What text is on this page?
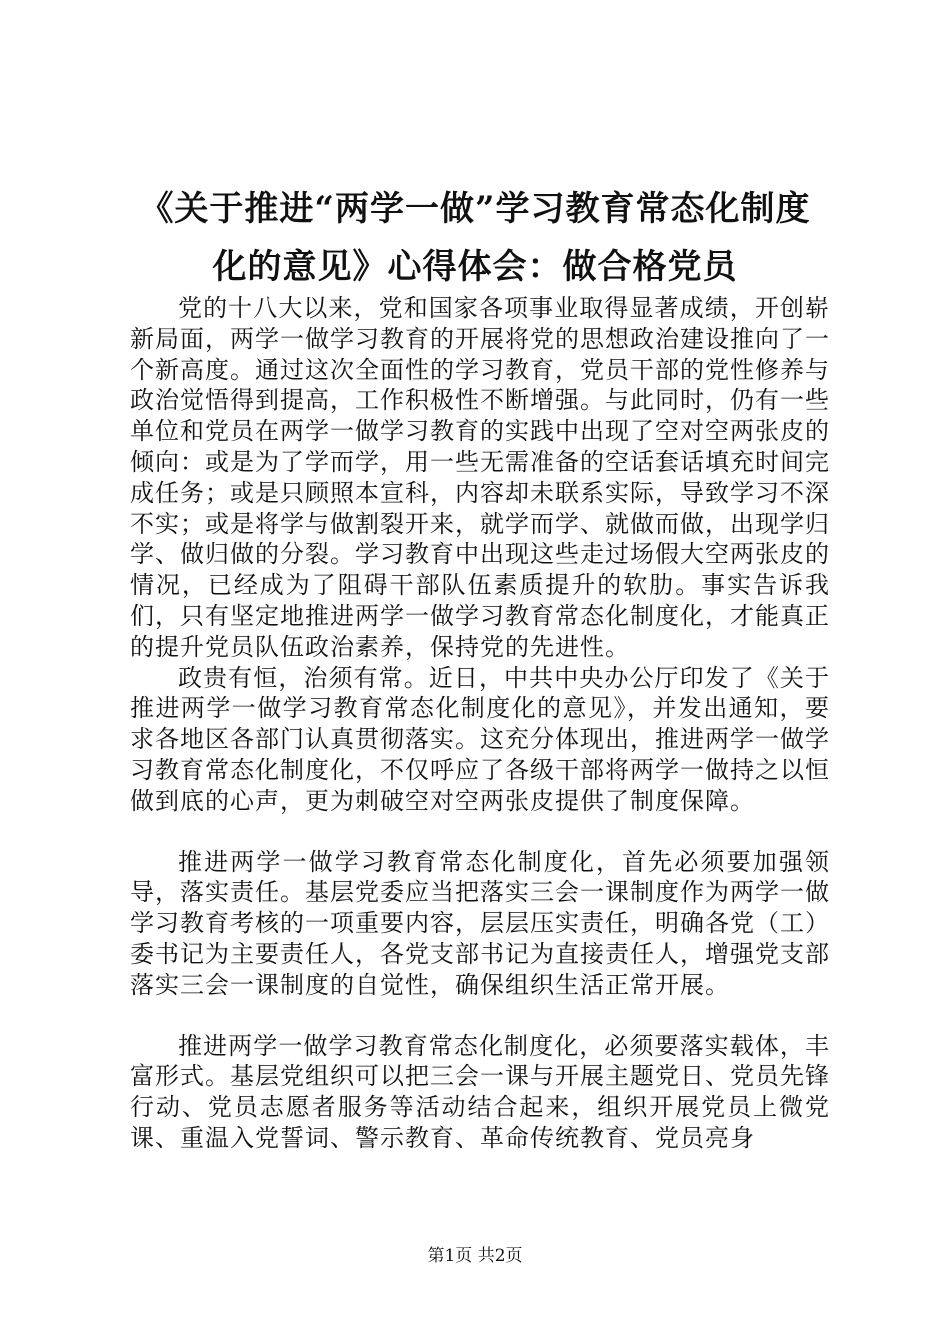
《关于推进“两学一做”学习教育常态化制度
化的意见》心得体会：做合格党员

党的十八大以来，党和国家各项事业取得显著成绩，开创崭新局面，两学一做学习教育的开展将党的思想政治建设推向了一个新高度。通过这次全面性的学习教育，党员干部的党性修养与政治觉悟得到提高，工作积极性不断增强。与此同时，仍有一些单位和党员在两学一做学习教育的实践中出现了空对空两张皮的倾向：或是为了学而学，用一些无需准备的空话套话填充时间完成任务；或是只顾照本宣科，内容却未联系实际，导致学习不深不实；或是将学与做割裂开来，就学而学、就做而做，出现学归学、做归做的分裂。学习教育中出现这些走过场假大空两张皮的情况，已经成为了阻碍干部队伍素质提升的软肋。事实告诉我们，只有坚定地推进两学一做学习教育常态化制度化，才能真正的提升党员队伍政治素养，保持党的先进性。

政贵有恒，治须有常。近日，中共中央办公厅印发了《关于推进两学一做学习教育常态化制度化的意见》，并发出通知，要求各地区各部门认真贯彻落实。这充分体现出，推进两学一做学习教育常态化制度化，不仅呼应了各级干部将两学一做持之以恒做到底的心声，更为刺破空对空两张皮提供了制度保障。

推进两学一做学习教育常态化制度化，首先必须要加强领导，落实责任。基层党委应当把落实三会一课制度作为两学一做学习教育考核的一项重要内容，层层压实责任，明确各党（工）委书记为主要责任人，各党支部书记为直接责任人，增强党支部落实三会一课制度的自觉性，确保组织生活正常开展。

推进两学一做学习教育常态化制度化，必须要落实载体，丰富形式。基层党组织可以把三会一课与开展主题党日、党员先锋行动、党员志愿者服务等活动结合起来，组织开展党员上微党课、重温入党誓词、警示教育、革命传统教育、党员亮身

第1页 共2页
